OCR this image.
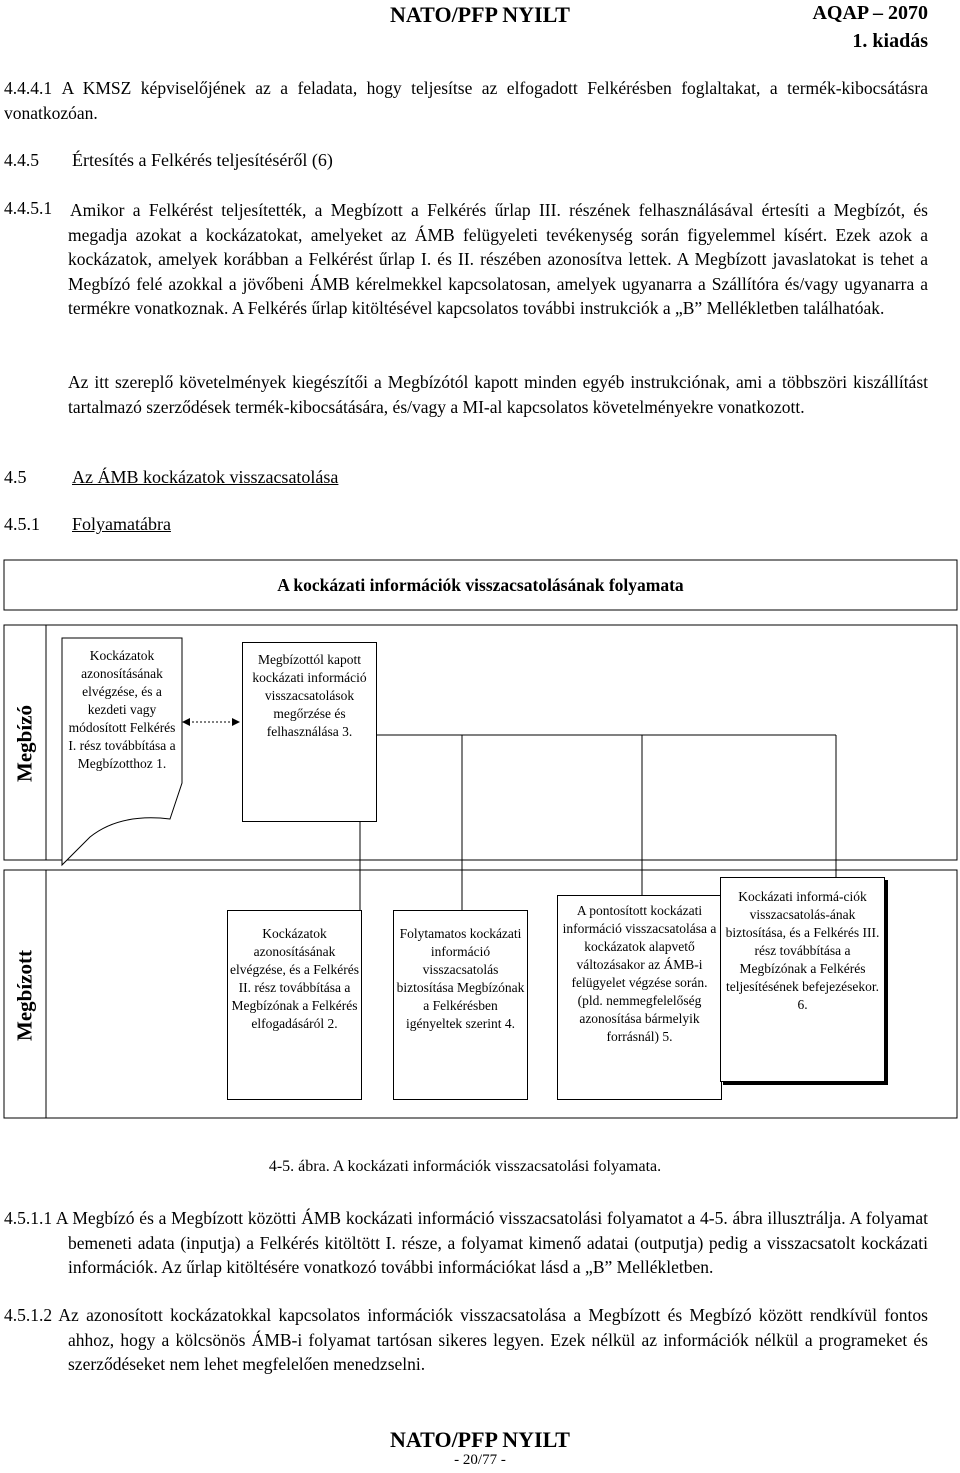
NATO/PFP NYILT	AQAP – 2070
1. kiadás
4.4.4.1 A KMSZ képviselőjének az a feladata, hogy teljesítse az elfogadott Felkérésben foglaltakat, a termék-kibocsátásra vonatkozóan.
4.4.5 Értesítés a Felkérés teljesítéséről (6)
4.4.5.1 Amikor a Felkérést teljesítették, a Megbízott a Felkérés űrlap III. részének felhasználásával értesíti a Megbízót, és megadja azokat a kockázatokat, amelyeket az ÁMB felügyeleti tevékenység során figyelemmel kísért. Ezek azok a kockázatok, amelyek korábban a Felkérést űrlap I. és II. részében azonosítva lettek. A Megbízott javaslatokat is tehet a Megbízó felé azokkal a jövőbeni ÁMB kérelmekkel kapcsolatosan, amelyek ugyanarra a Szállítóra és/vagy ugyanarra a termékre vonatkoznak. A Felkérés űrlap kitöltésével kapcsolatos további instrukciók a „B” Mellékletben találhatóak.
Az itt szereplő követelmények kiegészítői a Megbízótól kapott minden egyéb instrukciónak, ami a többszöri kiszállítást tartalmazó szerződések termék-kibocsátására, és/vagy a MI-al kapcsolatos követelményekre vonatkozott.
4.5	Az ÁMB kockázatok visszacsatolása
4.5.1 Folyamatábra
A kockázati információk visszacsatolásának folyamata
Megbízó
Megbízott
Kockázatok azonosításának elvégzése, és a kezdeti vagy módosított Felkérés I. rész továbbítása a Megbízotthoz 1.
Megbízottól kapott kockázati információ visszacsatolások megőrzése és felhasználása 3.
Kockázatok azonosításának elvégzése, és a Felkérés II. rész továbbítása a Megbízónak a Felkérés elfogadásáról 2.
Folytamatos kockázati információ visszacsatolás biztosítása Megbízónak a Felkérésben igényeltek szerint 4.
A pontosított kockázati információ visszacsatolása a kockázatok alapvető változásakor az ÁMB-i felügyelet végzése során. (pld. nemmegfelelőség azonosítása bármelyik forrásnál) 5.
Kockázati informá-ciók visszacsatolás-ának biztosítása, és a Felkérés III. rész továbbítása a Megbízónak a Felkérés teljesítésének befejezésekor. 6.
4-5. ábra. A kockázati információk visszacsatolási folyamata.
4.5.1.1 A Megbízó és a Megbízott közötti ÁMB kockázati információ visszacsatolási folyamatot a 4-5. ábra illusztrálja. A folyamat bemeneti adata (inputja) a Felkérés kitöltött I. része, a folyamat kimenő adatai (outputja) pedig a visszacsatolt kockázati információk. Az űrlap kitöltésére vonatkozó további információkat lásd a „B” Mellékletben.
4.5.1.2 Az azonosított kockázatokkal kapcsolatos információk visszacsatolása a Megbízott és Megbízó között rendkívül fontos ahhoz, hogy a kölcsönös ÁMB-i folyamat tartósan sikeres legyen. Ezek nélkül az információk nélkül a programeket és szerződéseket nem lehet megfelelően menedzselni.
NATO/PFP NYILT
- 20/77 -
